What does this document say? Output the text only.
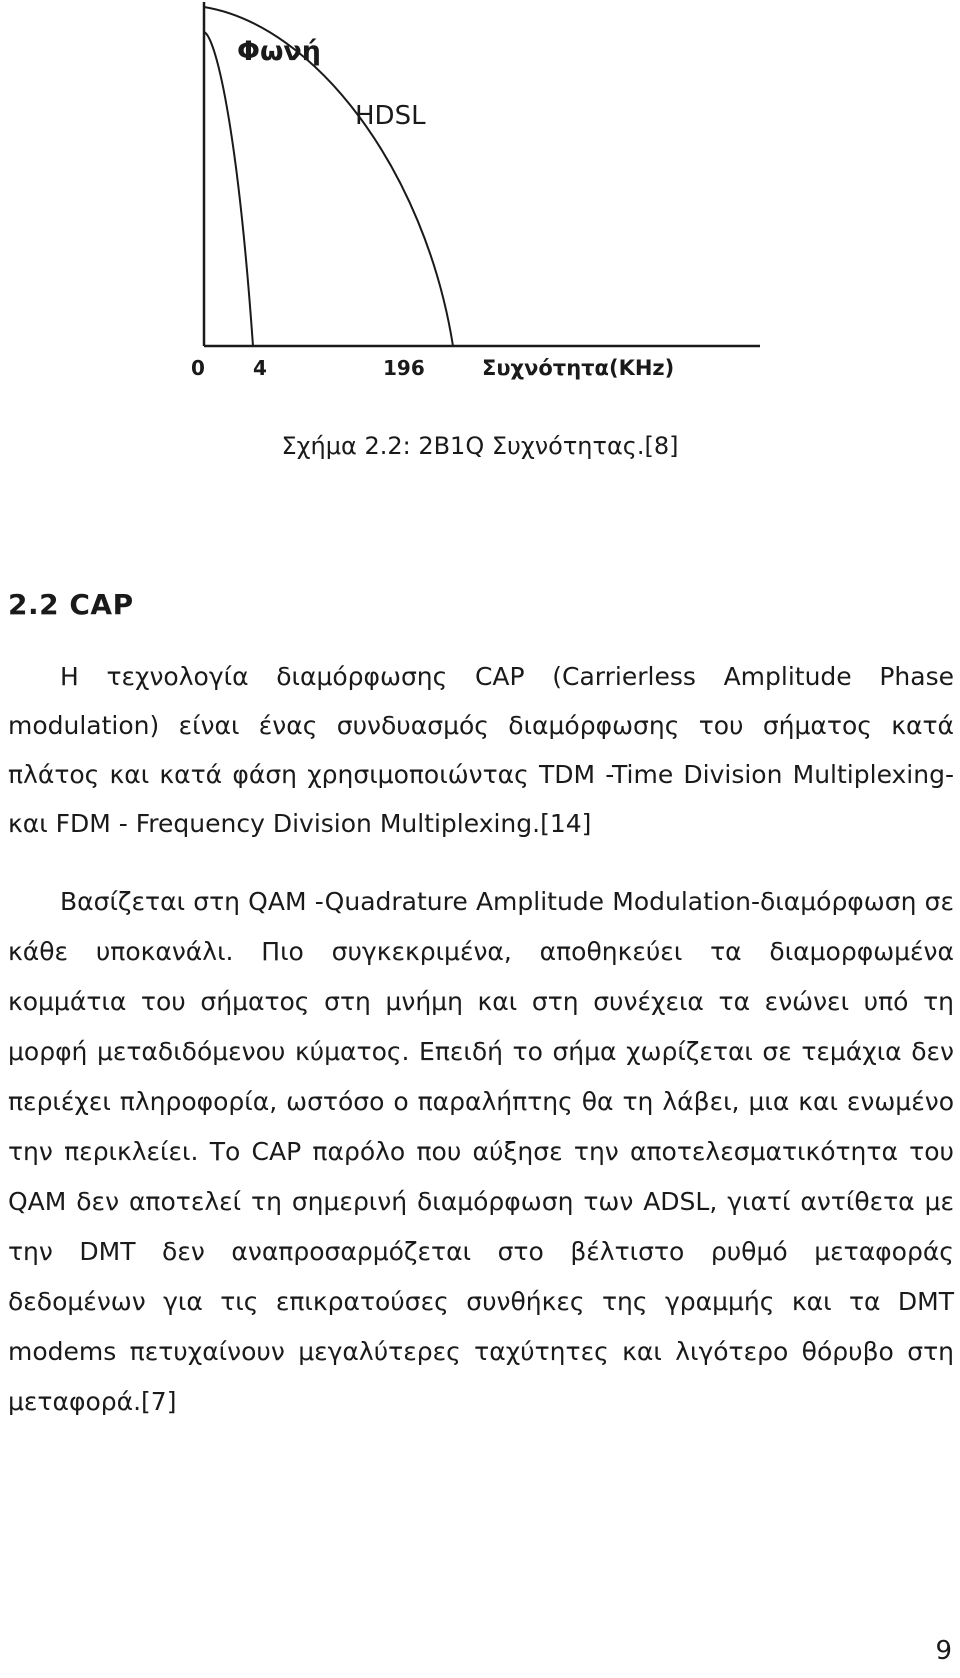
Φωνή
HDSL
0 4	196	Συχνότητα(KHz)
Σχήμα 2.2: 2B1Q Συχνότητας.[8]
2.2 CAP

Η τεχνολογία διαμόρφωσης CAP (Carrierless Amplitude Phase modulation) είναι ένας συνδυασμός διαμόρφωσης του σήματος κατά πλάτος και κατά φάση χρησιμοποιώντας TDM -Time Division Multiplexing- και FDM - Frequency Division Multiplexing.[14]

Βασίζεται στη QAM -Quadrature Amplitude Modulation-διαμόρφωση σε κάθε υποκανάλι. Πιο συγκεκριμένα, αποθηκεύει τα διαμορφωμένα κομμάτια του σήματος στη μνήμη και στη συνέχεια τα ενώνει υπό τη μορφή μεταδιδόμενου κύματος. Επειδή το σήμα χωρίζεται σε τεμάχια δεν περιέχει πληροφορία, ωστόσο ο παραλήπτης θα τη λάβει, μια και ενωμένο την περικλείει. Το CAP παρόλο που αύξησε την αποτελεσματικότητα του QAM δεν αποτελεί τη σημερινή διαμόρφωση των ADSL, γιατί αντίθετα με την DMT δεν αναπροσαρμόζεται στο βέλτιστο ρυθμό μεταφοράς δεδομένων για τις επικρατούσες συνθήκες της γραμμής και τα DMT modems πετυχαίνουν μεγαλύτερες ταχύτητες και λιγότερο θόρυβο στη μεταφορά.[7]

9
